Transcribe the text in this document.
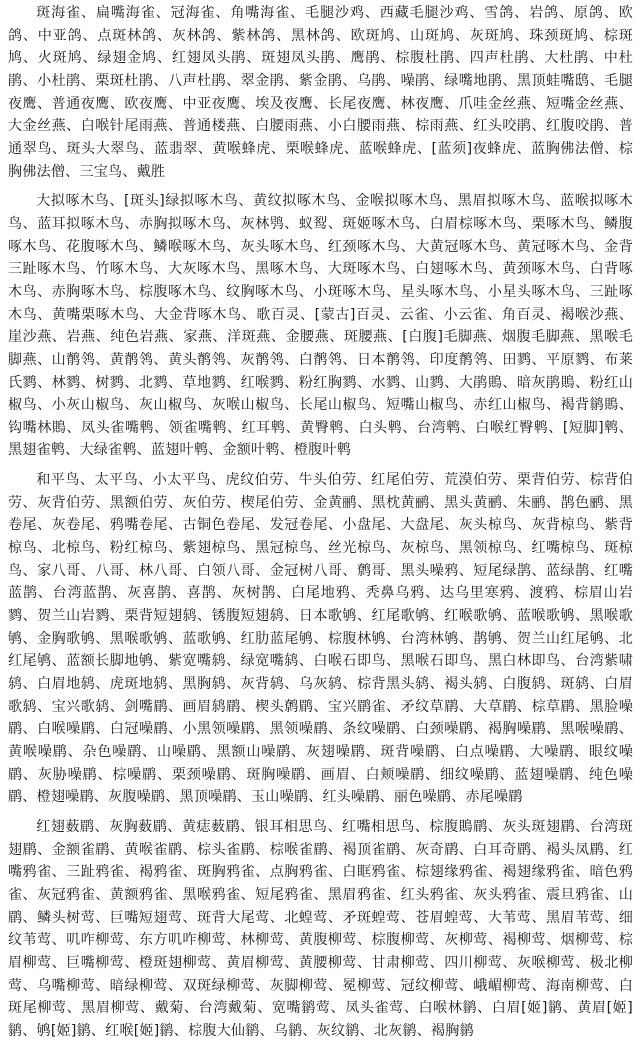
斑海雀、扁嘴海雀、冠海雀、角嘴海雀、毛腿沙鸡、西藏毛腿沙鸡、雪鸽、岩鸽、原鸽、欧鸽、中亚鸽、点斑林鸽、灰林鸽、紫林鸽、黑林鸽、欧斑鸠、山斑鸠、灰斑鸠、珠颈斑鸠、棕斑鸠、火斑鸠、绿翅金鸠、红翅凤头鹃、斑翅凤头鹃、鹰鹃、棕腹杜鹃、四声杜鹃、大杜鹃、中杜鹃、小杜鹃、栗斑杜鹃、八声杜鹃、翠金鹃、紫金鹃、乌鹃、噪鹃、绿嘴地鹃、黑顶蛙嘴鸱、毛腿夜鹰、普通夜鹰、欧夜鹰、中亚夜鹰、埃及夜鹰、长尾夜鹰、林夜鹰、爪哇金丝燕、短嘴金丝燕、大金丝燕、白喉针尾雨燕、普通楼燕、白腰雨燕、小白腰雨燕、棕雨燕、红头咬鹃、红腹咬鹃、普通翠鸟、斑头大翠鸟、蓝翡翠、黄喉蜂虎、栗喉蜂虎、蓝喉蜂虎、[蓝须]夜蜂虎、蓝胸佛法僧、棕胸佛法僧、三宝鸟、戴胜

大拟啄木鸟、[斑头]绿拟啄木鸟、黄纹拟啄木鸟、金喉拟啄木鸟、黑眉拟啄木鸟、蓝喉拟啄木鸟、蓝耳拟啄木鸟、赤胸拟啄木鸟、灰林鸮、蚁䴕、斑姬啄木鸟、白眉棕啄木鸟、栗啄木鸟、鳞腹啄木鸟、花腹啄木鸟、鳞喉啄木鸟、灰头啄木鸟、红颈啄木鸟、大黄冠啄木鸟、黄冠啄木鸟、金背三趾啄木鸟、竹啄木鸟、大灰啄木鸟、黑啄木鸟、大斑啄木鸟、白翅啄木鸟、黄颈啄木鸟、白背啄木鸟、赤胸啄木鸟、棕腹啄木鸟、纹胸啄木鸟、小斑啄木鸟、星头啄木鸟、小星头啄木鸟、三趾啄木鸟、黄嘴栗啄木鸟、大金背啄木鸟、歌百灵、[蒙古]百灵、云雀、小云雀、角百灵、褐喉沙燕、崖沙燕、岩燕、纯色岩燕、家燕、洋斑燕、金腰燕、斑腰燕、[白腹]毛脚燕、烟腹毛脚燕、黑喉毛脚燕、山鹡鸰、黄鹡鸰、黄头鹡鸰、灰鹡鸰、白鹡鸰、日本鹡鸰、印度鹡鸰、田鹨、平原鹨、布莱氏鹨、林鹨、树鹨、北鹨、草地鹨、红喉鹨、粉红胸鹨、水鹨、山鹨、大鹃鵙、暗灰鹃鵙、粉红山椒鸟、小灰山椒鸟、灰山椒鸟、灰喉山椒鸟、长尾山椒鸟、短嘴山椒鸟、赤红山椒鸟、褐背鹟鵙、钩嘴林鵙、凤头雀嘴鹎、领雀嘴鹎、红耳鹎、黄臀鹎、白头鹎、台湾鹎、白喉红臀鹎、[短脚]鹎、黑翅雀鹎、大绿雀鹎、蓝翅叶鹎、金额叶鹎、橙腹叶鹎

和平鸟、太平鸟、小太平鸟、虎纹伯劳、牛头伯劳、红尾伯劳、荒漠伯劳、栗背伯劳、棕背伯劳、灰背伯劳、黑额伯劳、灰伯劳、楔尾伯劳、金黄鹂、黑枕黄鹂、黑头黄鹂、朱鹂、鹊色鹂、黑卷尾、灰卷尾、鸦嘴卷尾、古铜色卷尾、发冠卷尾、小盘尾、大盘尾、灰头椋鸟、灰背椋鸟、紫背椋鸟、北椋鸟、粉红椋鸟、紫翅椋鸟、黑冠椋鸟、丝光椋鸟、灰椋鸟、黑领椋鸟、红嘴椋鸟、斑椋鸟、家八哥、八哥、林八哥、白领八哥、金冠树八哥、鹩哥、黑头噪鸦、短尾绿鹊、蓝绿鹊、红嘴蓝鹊、台湾蓝鹊、灰喜鹊、喜鹊、灰树鹊、白尾地鸦、秃鼻乌鸦、达乌里寒鸦、渡鸦、棕眉山岩鹨、贺兰山岩鹨、栗背短翅鸫、锈腹短翅鸫、日本歌鸲、红尾歌鸲、红喉歌鸲、蓝喉歌鸲、黑喉歌鸲、金胸歌鸲、黑喉歌鸲、蓝歌鸲、红肋蓝尾鸲、棕腹林鸲、台湾林鸲、鹊鸲、贺兰山红尾鸲、北红尾鸲、蓝额长脚地鸲、紫宽嘴鸫、绿宽嘴鸫、白喉石即鸟、黑喉石即鸟、黑白林即鸟、台湾紫啸鸫、白眉地鸫、虎斑地鸫、黑胸鸫、灰背鸫、乌灰鸫、棕背黑头鸫、褐头鸫、白腹鸫、斑鸫、白眉歌鸫、宝兴歌鸫、剑嘴鹛、画眉鸫鹛、楔头鹩鹛、宝兴鹛雀、矛纹草鹛、大草鹛、棕草鹛、黑脸噪鹛、白喉噪鹛、白冠噪鹛、小黑领噪鹛、黑领噪鹛、条纹噪鹛、白颈噪鹛、褐胸噪鹛、黑喉噪鹛、黄喉噪鹛、杂色噪鹛、山噪鹛、黑额山噪鹛、灰翅噪鹛、斑背噪鹛、白点噪鹛、大噪鹛、眼纹噪鹛、灰胁噪鹛、棕噪鹛、栗颈噪鹛、斑胸噪鹛、画眉、白颊噪鹛、细纹噪鹛、蓝翅噪鹛、纯色噪鹛、橙翅噪鹛、灰腹噪鹛、黑顶噪鹛、玉山噪鹛、红头噪鹛、丽色噪鹛、赤尾噪鹛

红翅薮鹛、灰胸薮鹛、黄痣薮鹛、银耳相思鸟、红嘴相思鸟、棕腹鵙鹛、灰头斑翅鹛、台湾斑翅鹛、金额雀鹛、黄喉雀鹛、棕头雀鹛、棕喉雀鹛、褐顶雀鹛、灰奇鹛、白耳奇鹛、褐头凤鹛、红嘴鸦雀、三趾鸦雀、褐鸦雀、斑胸鸦雀、点胸鸦雀、白眶鸦雀、棕翅缘鸦雀、褐翅缘鸦雀、暗色鸦雀、灰冠鸦雀、黄额鸦雀、黑喉鸦雀、短尾鸦雀、黑眉鸦雀、红头鸦雀、灰头鸦雀、震旦鸦雀、山鹛、鳞头树莺、巨嘴短翅莺、斑背大尾莺、北蝗莺、矛斑蝗莺、苍眉蝗莺、大苇莺、黑眉苇莺、细纹苇莺、叽咋柳莺、东方叽咋柳莺、林柳莺、黄腹柳莺、棕腹柳莺、灰柳莺、褐柳莺、烟柳莺、棕眉柳莺、巨嘴柳莺、橙斑翅柳莺、黄眉柳莺、黄腰柳莺、甘肃柳莺、四川柳莺、灰喉柳莺、极北柳莺、乌嘴柳莺、暗绿柳莺、双斑绿柳莺、灰脚柳莺、冕柳莺、冠纹柳莺、峨嵋柳莺、海南柳莺、白斑尾柳莺、黑眉柳莺、戴菊、台湾戴菊、宽嘴鹟莺、凤头雀莺、白喉林鹟、白眉[姬]鹟、黄眉[姬]鹟、鸲[姬]鹟、红喉[姬]鹟、棕腹大仙鹟、乌鹟、灰纹鹟、北灰鹟、褐胸鹟
